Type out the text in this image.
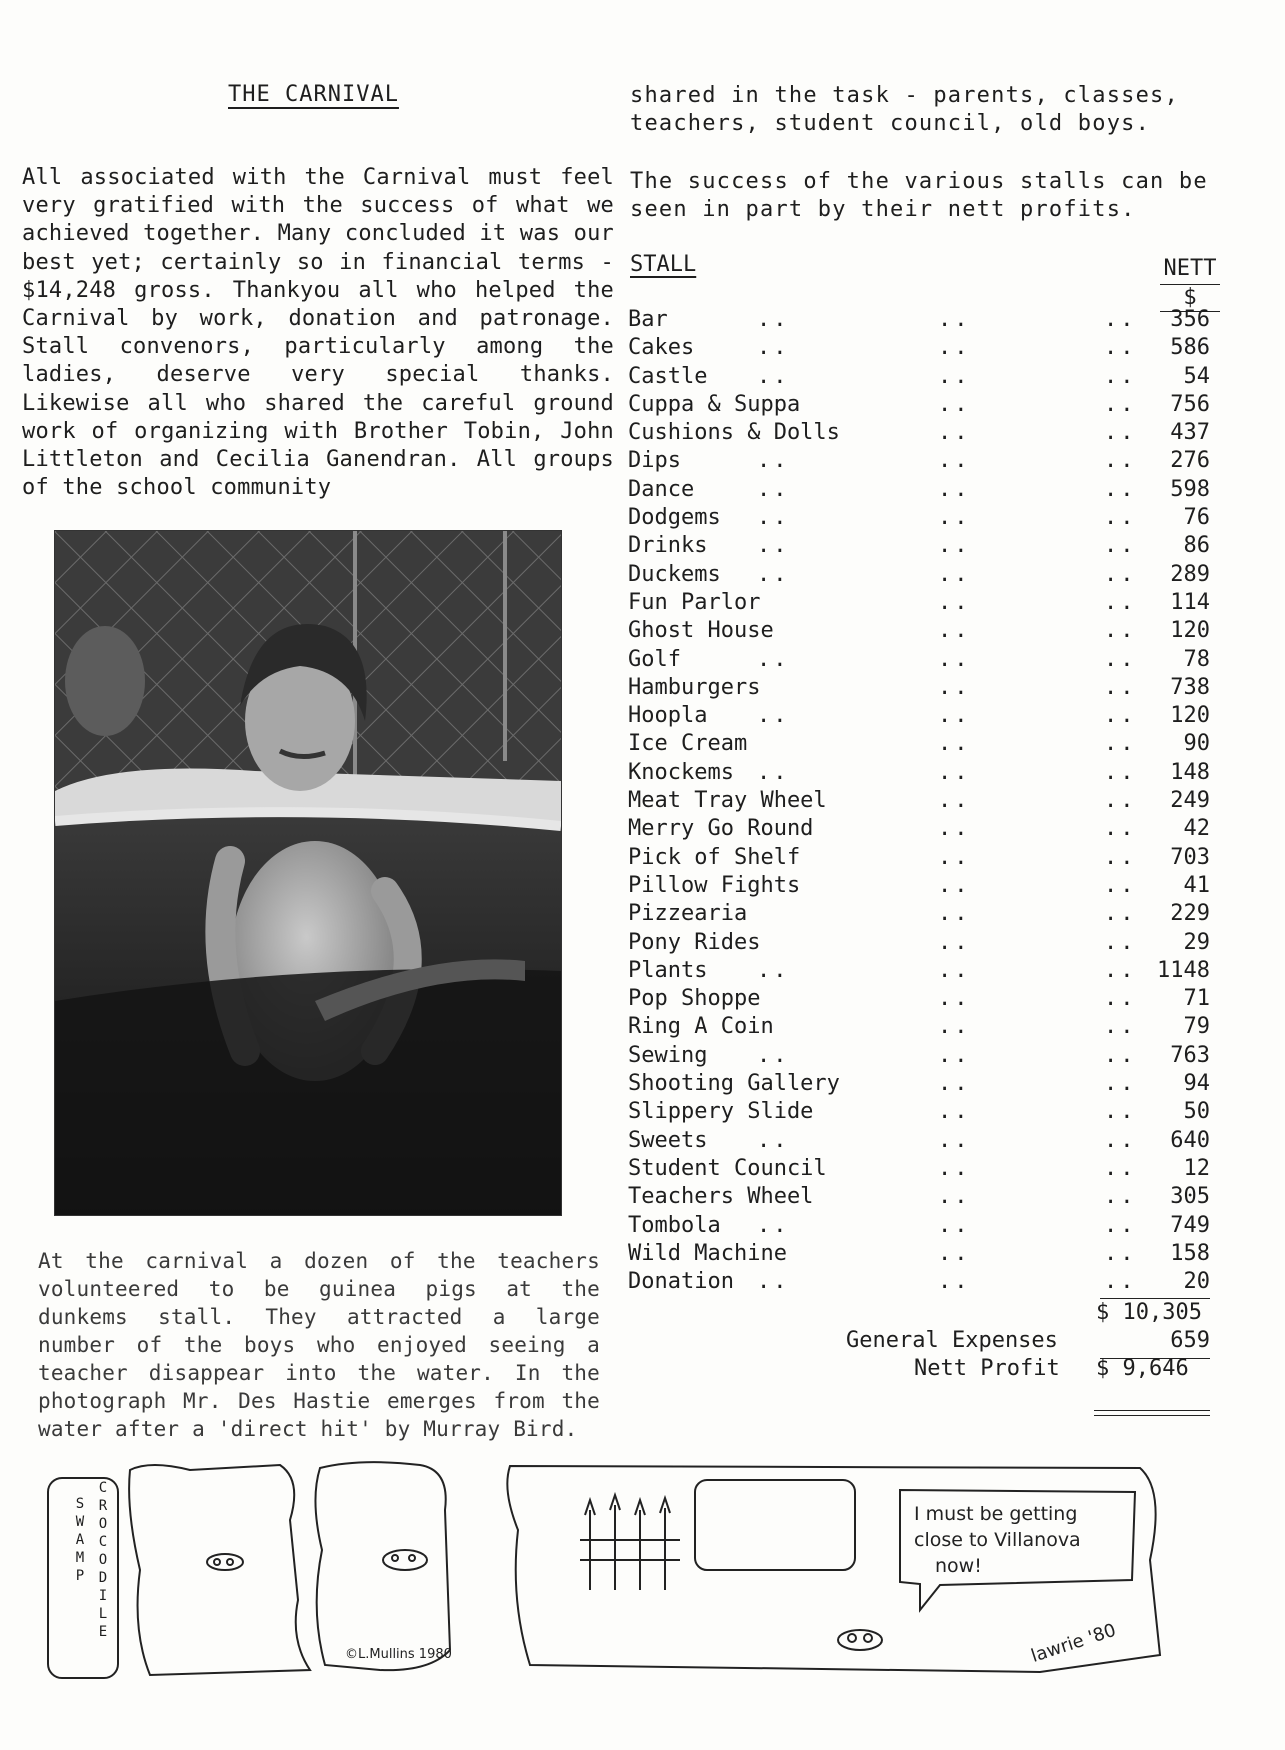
THE CARNIVAL
All associated with the Carnival must feel very gratified with the success of what we achieved together. Many concluded it was our best yet; certainly so in financial terms - $14,248 gross. Thankyou all who helped the Carnival by work, donation and patronage. Stall convenors, particularly among the ladies, deserve very special thanks. Likewise all who shared the careful ground work of organizing with Brother Tobin, John Littleton and Cecilia Ganendran. All groups of the school community
shared in the task - parents, classes, teachers, student council, old boys.
The success of the various stalls can be seen in part by their nett profits.
STALL	NETT
$
Bar	..	..	.. 356
Cakes	..	..	.. 586
Castle ..	..	.. 54
Cuppa & Suppa	..	.. 756
Cushions & Dolls	..	.. 437
Dips	..	..	.. 276
Dance	..	..	.. 598
Dodgems ..	..	.. 76
Drinks ..	..	.. 86
Duckems ..	..	.. 289
Fun Parlor	..	.. 114
Ghost House	..	.. 120
Golf	..	..	.. 78
Hamburgers	..	.. 738
Hoopla ..	..	.. 120
Ice Cream	..	.. 90
Knockems ..	..	.. 148
Meat Tray Wheel	..	.. 249
Merry Go Round	..	.. 42
Pick of Shelf	..	.. 703
Pillow Fights	..	.. 41
Pizzearia	..	.. 229
Pony Rides	..	.. 29
Plants ..	..	.. 1148
Pop Shoppe	..	.. 71
Ring A Coin	..	.. 79
Sewing ..	..	.. 763
Shooting Gallery	..	.. 94
Slippery Slide	..	.. 50
Sweets ..	..	.. 640
Student Council	..	.. 12
Teachers Wheel	..	.. 305
Tombola ..	..	.. 749
Wild Machine	..	.. 158
Donation ..	..	.. 20
$ 10,305
General Expenses	659
Nett Profit $ 9,646
At the carnival a dozen of the teachers volunteered to be guinea pigs at the dunkems stall. They attracted a large number of the boys who enjoyed seeing a teacher disappear into the water. In the photograph Mr. Des Hastie emerges from the water after a 'direct hit' by Murray Bird.
©L.Mullins 1980
I must be getting
close to Villanova
now!
lawrie '80
SWAMP CROCODILE
